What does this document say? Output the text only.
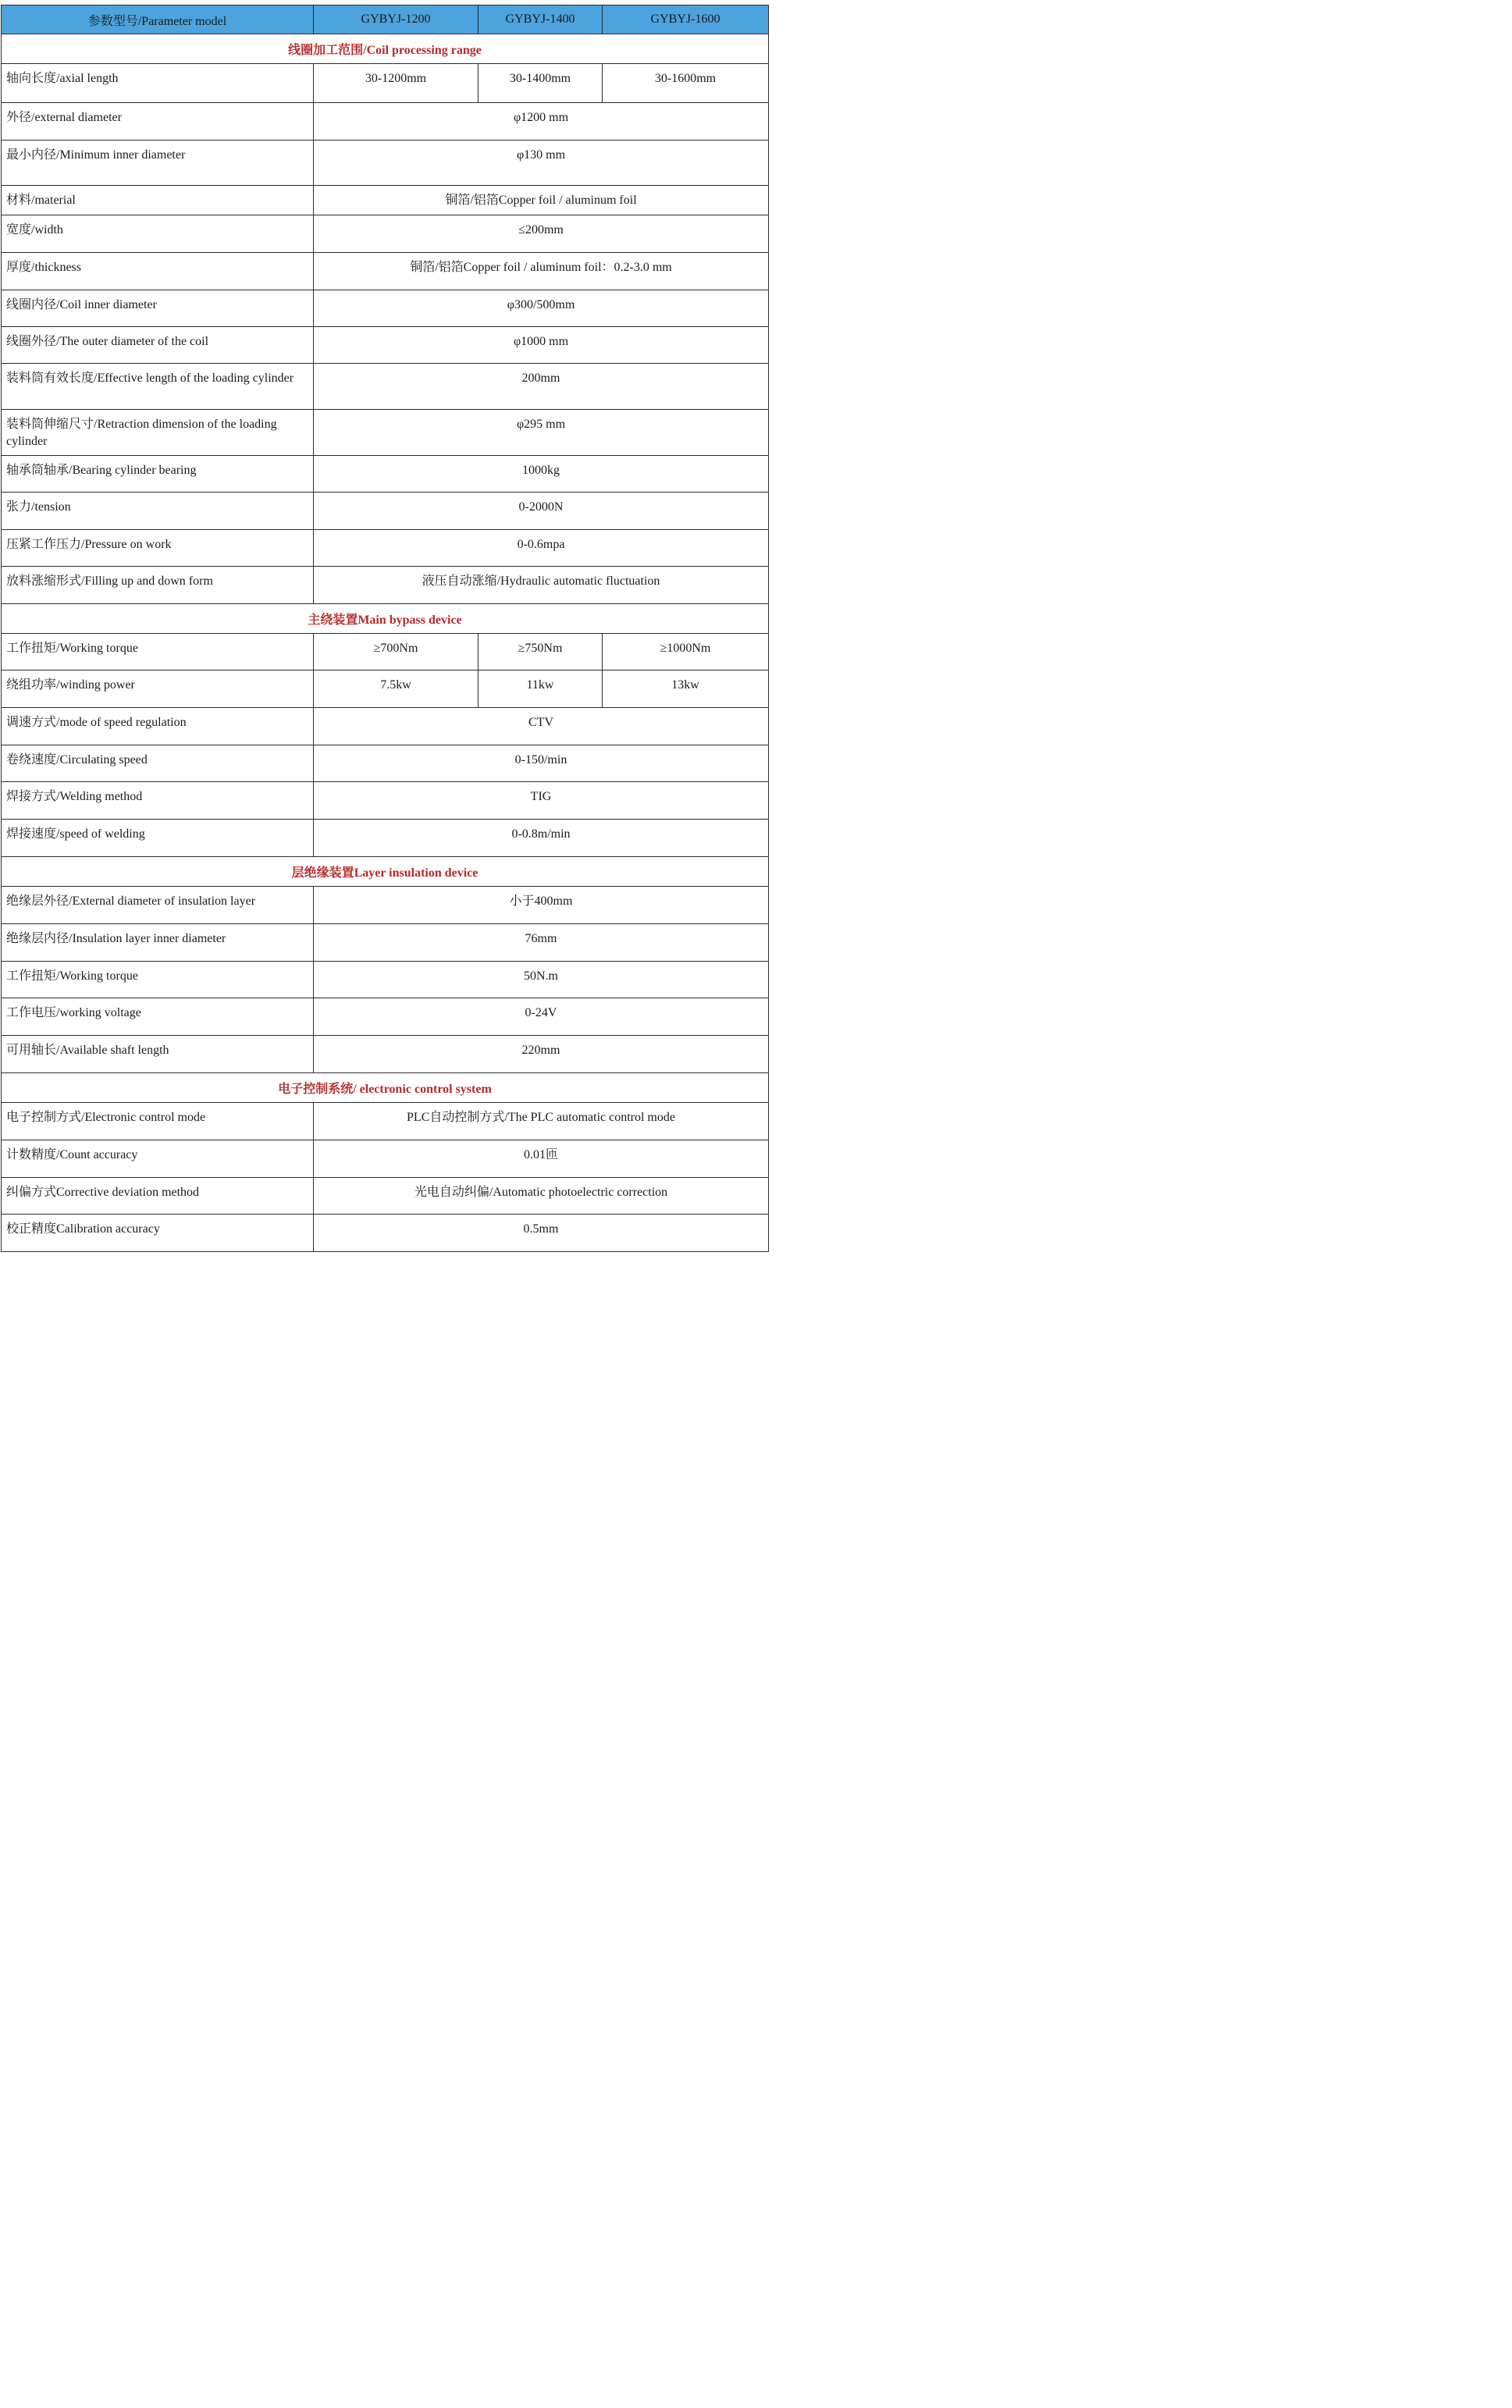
参数型号/Parameter model	GYBYJ-1200	GYBYJ-1400	GYBYJ-1600
线圈加工范围/Coil processing range			
轴向长度/axial length	30-1200mm	30-1400mm	30-1600mm
外径/external diameter	φ1200 mm		
最小内径/Minimum inner diameter	φ130 mm		
材料/material	铜箔/铝箔Copper foil / aluminum foil		
宽度/width	≤200mm		
厚度/thickness	铜箔/铝箔Copper foil / aluminum foil：0.2-3.0 mm		
线圈内径/Coil inner diameter	φ300/500mm		
线圈外径/The outer diameter of the coil	φ1000 mm		
装料筒有效长度/Effective length of the loading cylinder	200mm		
装料筒伸缩尺寸/Retraction dimension of the loading cylinder	φ295 mm		
轴承筒轴承/Bearing cylinder bearing	1000kg		
张力/tension	0-2000N		
压紧工作压力/Pressure on work	0-0.6mpa		
放料涨缩形式/Filling up and down form	液压自动涨缩/Hydraulic automatic fluctuation		
主绕装置Main bypass device			
工作扭矩/Working torque	≥700Nm	≥750Nm	≥1000Nm
绕组功率/winding power	7.5kw	11kw	13kw
调速方式/mode of speed regulation	CTV		
卷绕速度/Circulating speed	0-150/min		
焊接方式/Welding method	TIG		
焊接速度/speed of welding	0-0.8m/min		
层绝缘装置Layer insulation device			
绝缘层外径/External diameter of insulation layer	小于400mm		
绝缘层内径/Insulation layer inner diameter	76mm		
工作扭矩/Working torque	50N.m		
工作电压/working voltage	0-24V		
可用轴长/Available shaft length	220mm		
电子控制系统/ electronic control system			
电子控制方式/Electronic control mode	PLC自动控制方式/The PLC automatic control mode		
计数精度/Count accuracy	0.01匝		
纠偏方式Corrective deviation method	光电自动纠偏/Automatic photoelectric correction		
校正精度Calibration accuracy	0.5mm		
